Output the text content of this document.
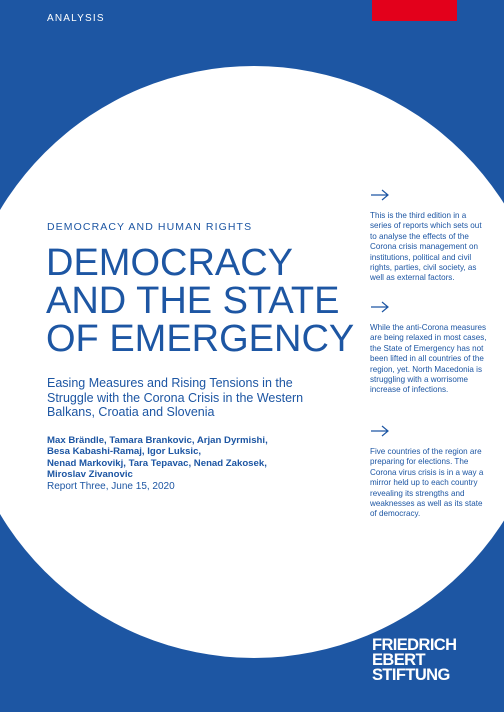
ANALYSIS
DEMOCRACY AND HUMAN RIGHTS
DEMOCRACY
AND THE STATE
OF EMERGENCY
Easing Measures and Rising Tensions in the Struggle with the Corona Crisis in the Western Balkans, Croatia and Slovenia
Max Brändle, Tamara Brankovic, Arjan Dyrmishi,
Besa Kabashi-Ramaj, Igor Luksic,
Nenad Markovikj, Tara Tepavac, Nenad Zakosek,
Miroslav Zivanovic
Report Three, June 15, 2020
This is the third edition in a series of reports which sets out to analyse the effects of the Corona crisis management on institutions, political and civil rights, parties, civil society, as well as external factors.
While the anti-Corona measures are being relaxed in most cases, the State of Emergency has not been lifted in all countries of the region, yet. North Macedonia is struggling with a worrisome increase of infections.
Five countries of the region are preparing for elections. The Corona virus crisis is in a way a mirror held up to each country revealing its strengths and weaknesses as well as its state of democracy.
FRIEDRICH
EBERT
STIFTUNG
